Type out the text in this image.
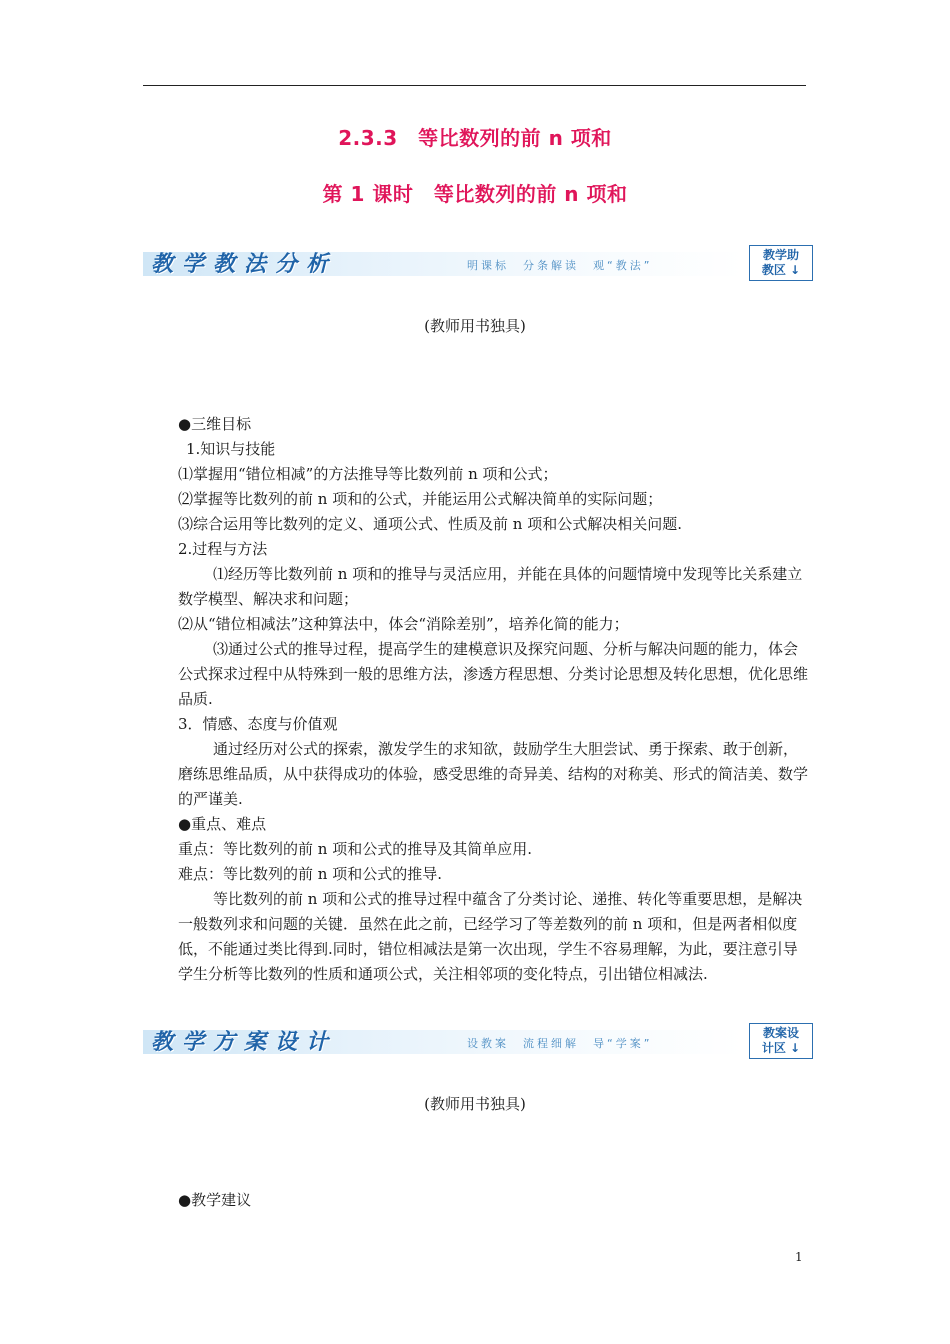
2.3.3　等比数列的前 n 项和
第 1 课时　等比数列的前 n 项和
教学教法分析	明课标　分条解读　观“教法”
教学助
教区 ↓
(教师用书独具)

●三维目标

1.知识与技能

⑴掌握用“错位相减”的方法推导等比数列前 n 项和公式；

⑵掌握等比数列的前 n 项和的公式，并能运用公式解决简单的实际问题；

⑶综合运用等比数列的定义、通项公式、性质及前 n 项和公式解决相关问题.

2.过程与方法

⑴经历等比数列前 n 项和的推导与灵活应用，并能在具体的问题情境中发现等比关系建立数学模型、解决求和问题；

⑵从“错位相减法”这种算法中，体会“消除差别”，培养化简的能力；

⑶通过公式的推导过程，提高学生的建模意识及探究问题、分析与解决问题的能力，体会公式探求过程中从特殊到一般的思维方法，渗透方程思想、分类讨论思想及转化思想，优化思维品质.

3．情感、态度与价值观

通过经历对公式的探索，激发学生的求知欲，鼓励学生大胆尝试、勇于探索、敢于创新，磨练思维品质，从中获得成功的体验，感受思维的奇异美、结构的对称美、形式的简洁美、数学的严谨美.

●重点、难点

重点：等比数列的前 n 项和公式的推导及其简单应用.

难点：等比数列的前 n 项和公式的推导.

等比数列的前 n 项和公式的推导过程中蕴含了分类讨论、递推、转化等重要思想，是解决一般数列求和问题的关键．虽然在此之前，已经学习了等差数列的前 n 项和，但是两者相似度低，不能通过类比得到.同时，错位相减法是第一次出现，学生不容易理解，为此，要注意引导学生分析等比数列的性质和通项公式，关注相邻项的变化特点，引出错位相减法.

教学方案设计	设教案　流程细解　导“学案”
教案设
计区 ↓
(教师用书独具)
●教学建议
1
